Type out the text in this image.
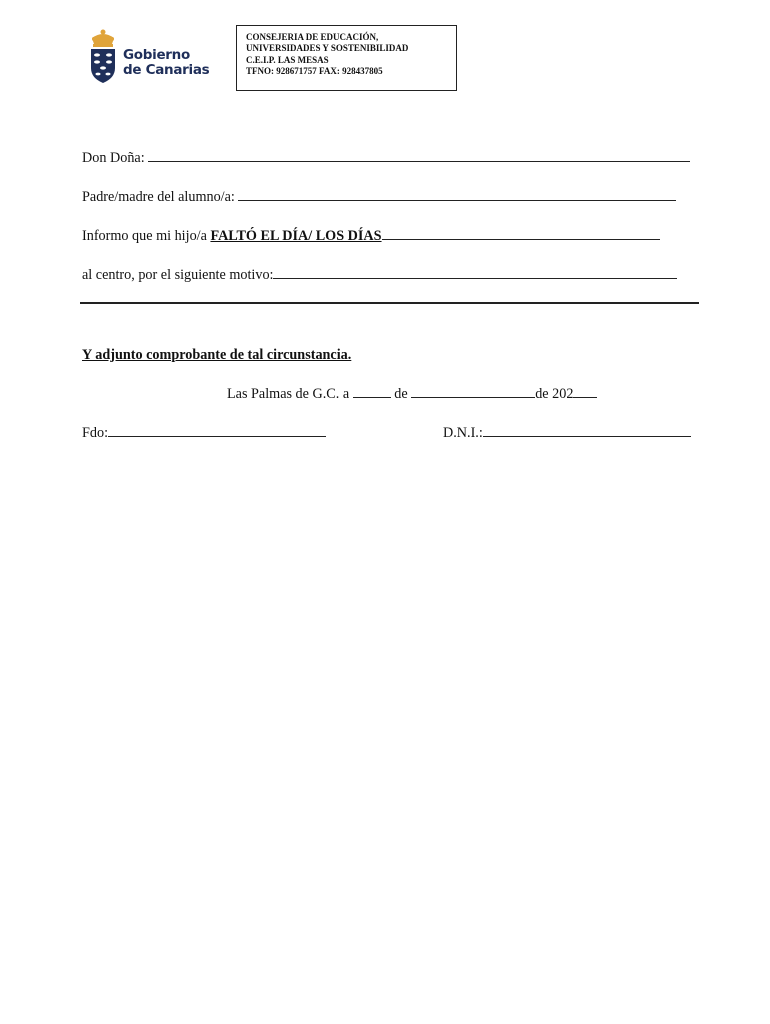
Gobierno
de Canarias
CONSEJERIA DE EDUCACIÓN,
UNIVERSIDADES Y SOSTENIBILIDAD
C.E.I.P. LAS MESAS
TFNO: 928671757 FAX: 928437805
Don Doña:
Padre/madre del alumno/a:
Informo que mi hijo/a FALTÓ EL DÍA/ LOS DÍAS
al centro, por el siguiente motivo:
Y adjunto comprobante de tal circunstancia.
Las Palmas de G.C. a	de	de 202
Fdo:	D.N.I.:
